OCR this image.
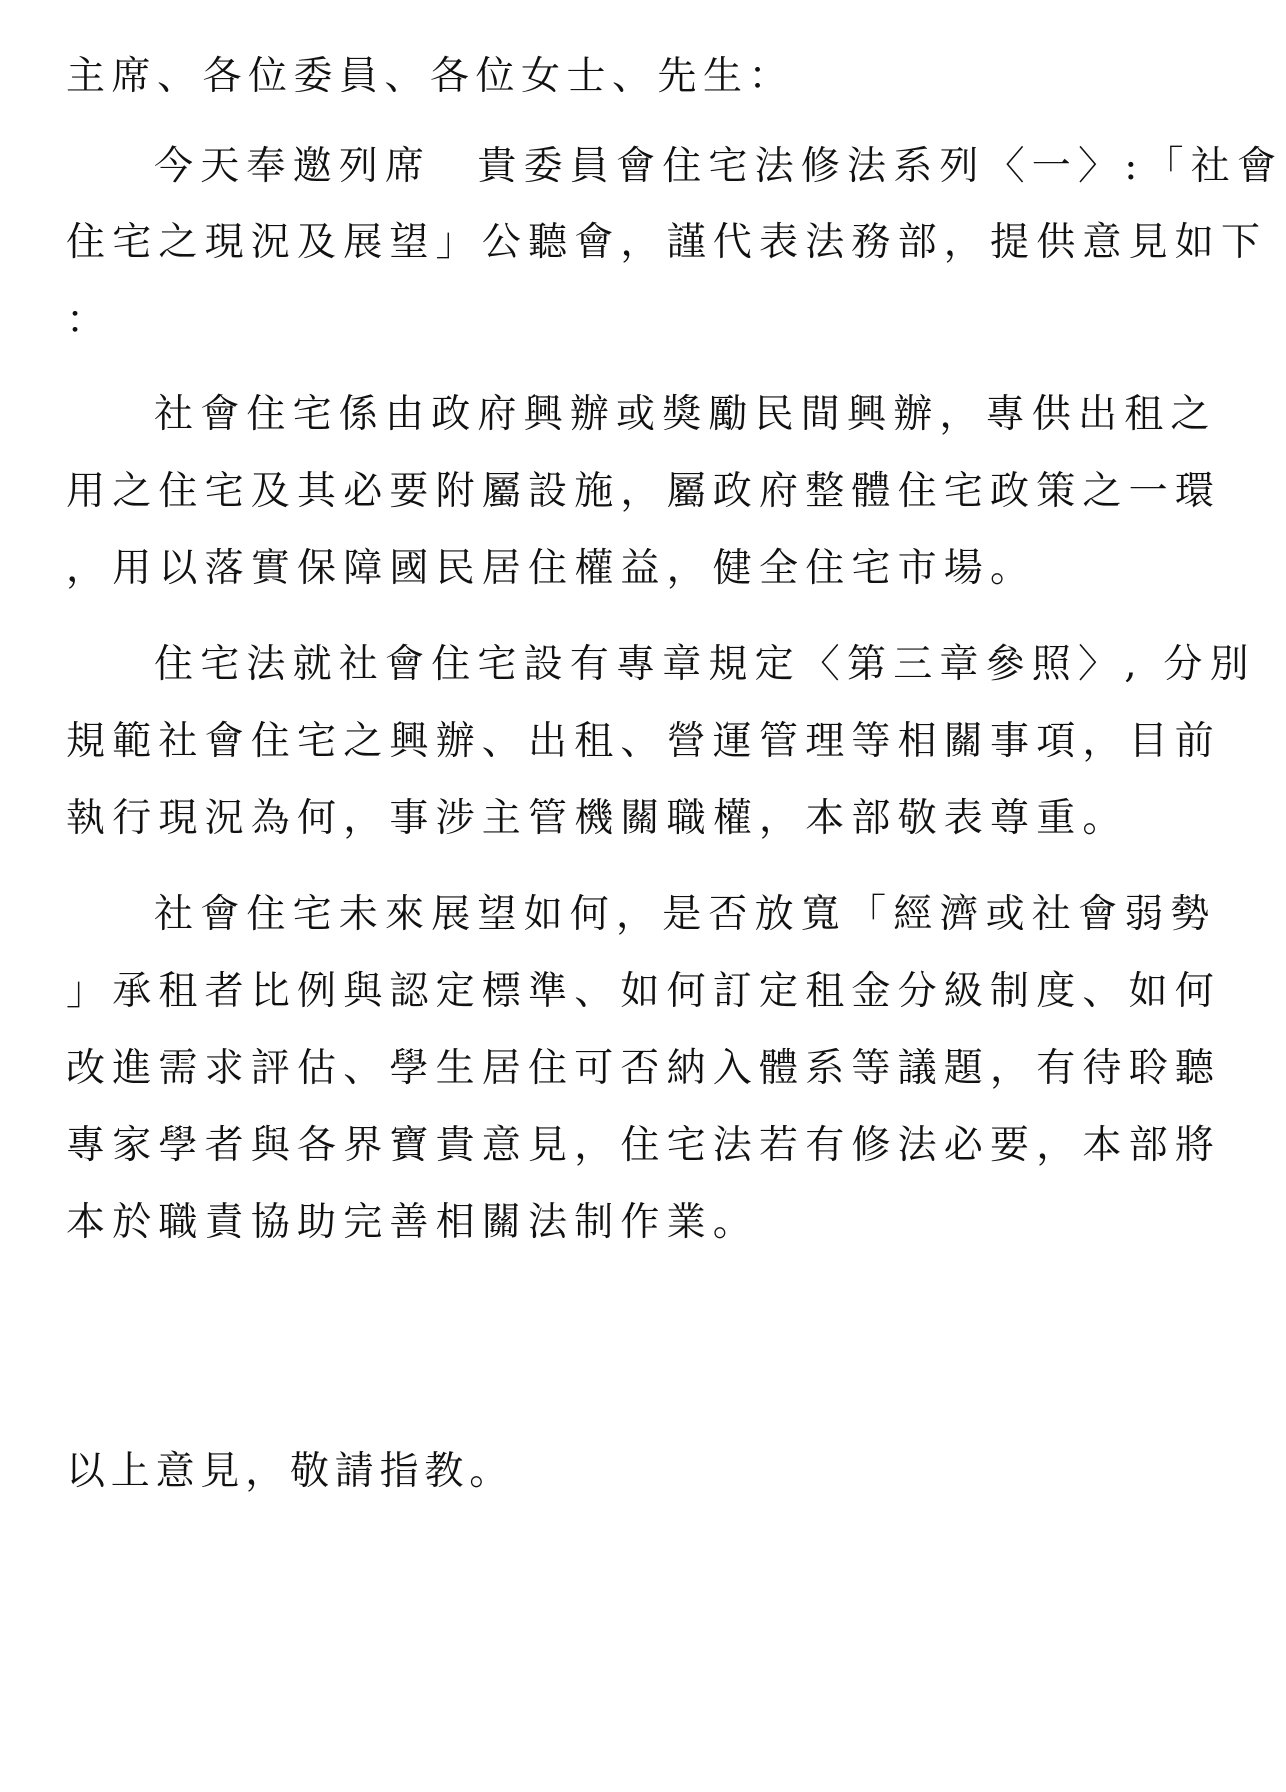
主席、各位委員、各位女士、先生：
今天奉邀列席　貴委員會住宅法修法系列〈一〉:「社會
住宅之現況及展望」公聽會，謹代表法務部，提供意見如下
：
社會住宅係由政府興辦或獎勵民間興辦，專供出租之
用之住宅及其必要附屬設施，屬政府整體住宅政策之一環
，用以落實保障國民居住權益，健全住宅市場。
住宅法就社會住宅設有專章規定〈第三章參照〉, 分別
規範社會住宅之興辦、出租、營運管理等相關事項，目前
執行現況為何，事涉主管機關職權，本部敬表尊重。
社會住宅未來展望如何，是否放寬「經濟或社會弱勢
」承租者比例與認定標準、如何訂定租金分級制度、如何
改進需求評估、學生居住可否納入體系等議題，有待聆聽
專家學者與各界寶貴意見，住宅法若有修法必要，本部將
本於職責協助完善相關法制作業。
以上意見，敬請指教。
